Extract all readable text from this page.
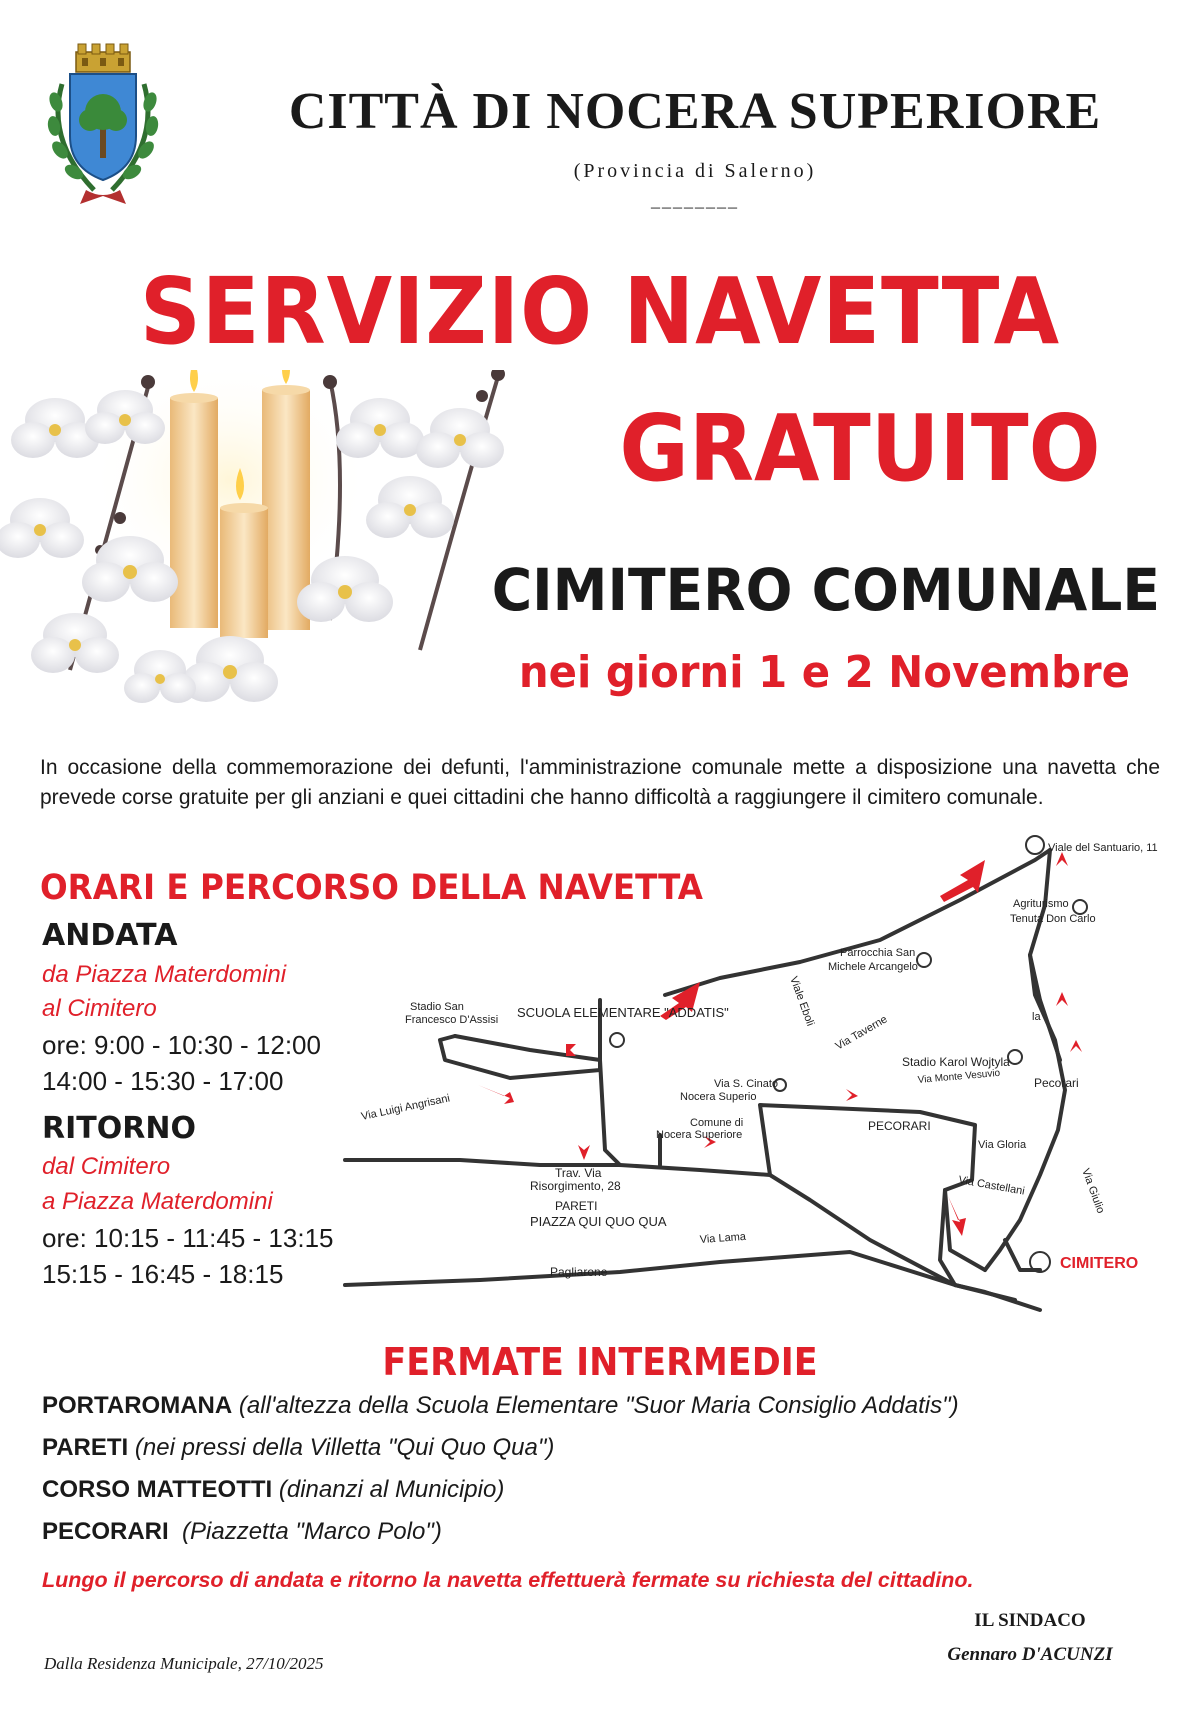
CITTÀ DI NOCERA SUPERIORE
(Provincia di Salerno)
________
SERVIZIO NAVETTA
GRATUITO
CIMITERO COMUNALE
nei giorni 1 e 2 Novembre
In occasione della commemorazione dei defunti, l'amministrazione comunale mette a disposizione una navetta che prevede corse gratuite per gli anziani e quei cittadini che hanno difficoltà a raggiungere il cimitero comunale.
ORARI E PERCORSO DELLA NAVETTA
ANDATA
da Piazza Materdomini
al Cimitero
ore: 9:00 - 10:30 - 12:00
14:00 - 15:30 - 17:00
RITORNO
dal Cimitero
a Piazza Materdomini
ore: 10:15 - 11:45 - 13:15
15:15 - 16:45 - 18:15
Viale del Santuario, 11
Agriturismo
Tenuta Don Carlo
Parrocchia San
Michele Arcangelo
Stadio San
Francesco D'Assisi SCUOLA ELEMENTARE "ADDATIS"	Viale Eboli
Via Taverne
Stadio Karol Wojtyla
Via Monte Vesuvio	Pecorari
la
Via S. Cinato
Nocera Superio
Comune di
Nocera Superiore
PECORARI
Via Gloria
Via Castellani	Via Giulio
Via Luigi Angrisani
Trav. Via
Risorgimento, 28
PARETI
PIAZZA QUI QUO QUA
Via Lama
Pagliarone	CIMITERO
FERMATE INTERMEDIE
PORTAROMANA (all'altezza della Scuola Elementare "Suor Maria Consiglio Addatis")
PARETI (nei pressi della Villetta "Qui Quo Qua")
CORSO MATTEOTTI (dinanzi al Municipio)
PECORARI (Piazzetta "Marco Polo")
Lungo il percorso di andata e ritorno la navetta effettuerà fermate su richiesta del cittadino.
IL SINDACO
Gennaro D'ACUNZI
Dalla Residenza Municipale, 27/10/2025
